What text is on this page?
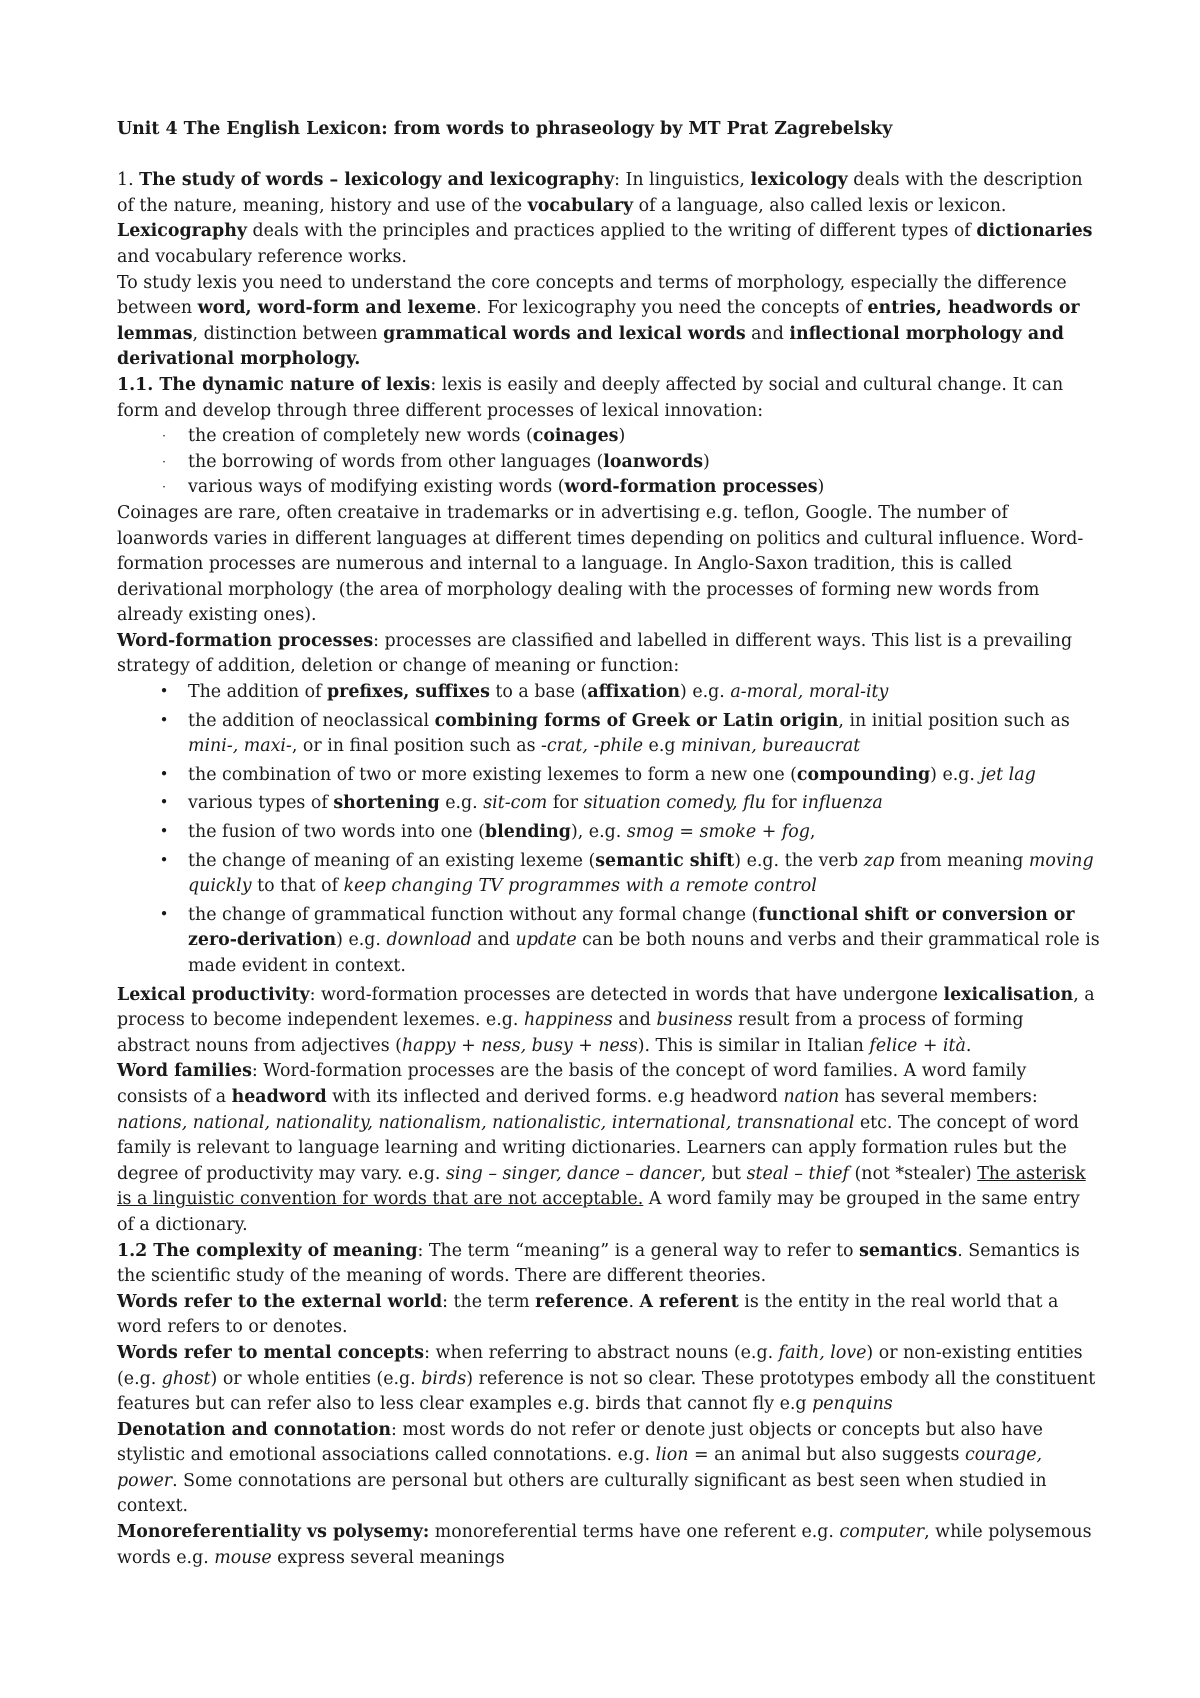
Unit 4 The English Lexicon: from words to phraseology by MT Prat Zagrebelsky

1. The study of words – lexicology and lexicography: In linguistics, lexicology deals with the description of the nature, meaning, history and use of the vocabulary of a language, also called lexis or lexicon.

Lexicography deals with the principles and practices applied to the writing of different types of dictionaries and vocabulary reference works.

To study lexis you need to understand the core concepts and terms of morphology, especially the difference between word, word-form and lexeme. For lexicography you need the concepts of entries, headwords or lemmas, distinction between grammatical words and lexical words and inflectional morphology and derivational morphology.

1.1. The dynamic nature of lexis: lexis is easily and deeply affected by social and cultural change. It can form and develop through three different processes of lexical innovation:

·	the creation of completely new words (coinages)
·	the borrowing of words from other languages (loanwords)
·	various ways of modifying existing words (word-formation processes)

Coinages are rare, often creataive in trademarks or in advertising e.g. teflon, Google. The number of loanwords varies in different languages at different times depending on politics and cultural influence. Word-formation processes are numerous and internal to a language. In Anglo-Saxon tradition, this is called derivational morphology (the area of morphology dealing with the processes of forming new words from already existing ones).

Word-formation processes: processes are classified and labelled in different ways. This list is a prevailing strategy of addition, deletion or change of meaning or function:

•	The addition of prefixes, suffixes to a base (affixation) e.g. a-moral, moral-ity
•	the addition of neoclassical combining forms of Greek or Latin origin, in initial position such as mini-, maxi-, or in final position such as -crat, -phile e.g minivan, bureaucrat
•	the combination of two or more existing lexemes to form a new one (compounding) e.g. jet lag
•	various types of shortening e.g. sit-com for situation comedy, flu for influenza
•	the fusion of two words into one (blending), e.g. smog = smoke + fog,
•	the change of meaning of an existing lexeme (semantic shift) e.g. the verb zap from meaning moving quickly to that of keep changing TV programmes with a remote control
•	the change of grammatical function without any formal change (functional shift or conversion or zero-derivation) e.g. download and update can be both nouns and verbs and their grammatical role is made evident in context.

Lexical productivity: word-formation processes are detected in words that have undergone lexicalisation, a process to become independent lexemes. e.g. happiness and business result from a process of forming abstract nouns from adjectives (happy + ness, busy + ness). This is similar in Italian felice + ità.

Word families: Word-formation processes are the basis of the concept of word families. A word family consists of a headword with its inflected and derived forms. e.g headword nation has several members: nations, national, nationality, nationalism, nationalistic, international, transnational etc. The concept of word family is relevant to language learning and writing dictionaries. Learners can apply formation rules but the degree of productivity may vary. e.g. sing – singer, dance – dancer, but steal – thief (not *stealer) The asterisk is a linguistic convention for words that are not acceptable. A word family may be grouped in the same entry of a dictionary.

1.2 The complexity of meaning: The term “meaning” is a general way to refer to semantics. Semantics is the scientific study of the meaning of words. There are different theories.

Words refer to the external world: the term reference. A referent is the entity in the real world that a word refers to or denotes.

Words refer to mental concepts: when referring to abstract nouns (e.g. faith, love) or non-existing entities (e.g. ghost) or whole entities (e.g. birds) reference is not so clear. These prototypes embody all the constituent features but can refer also to less clear examples e.g. birds that cannot fly e.g penquins

Denotation and connotation: most words do not refer or denote just objects or concepts but also have stylistic and emotional associations called connotations. e.g. lion = an animal but also suggests courage, power. Some connotations are personal but others are culturally significant as best seen when studied in context.

Monoreferentiality vs polysemy: monoreferential terms have one referent e.g. computer, while polysemous words e.g. mouse express several meanings
